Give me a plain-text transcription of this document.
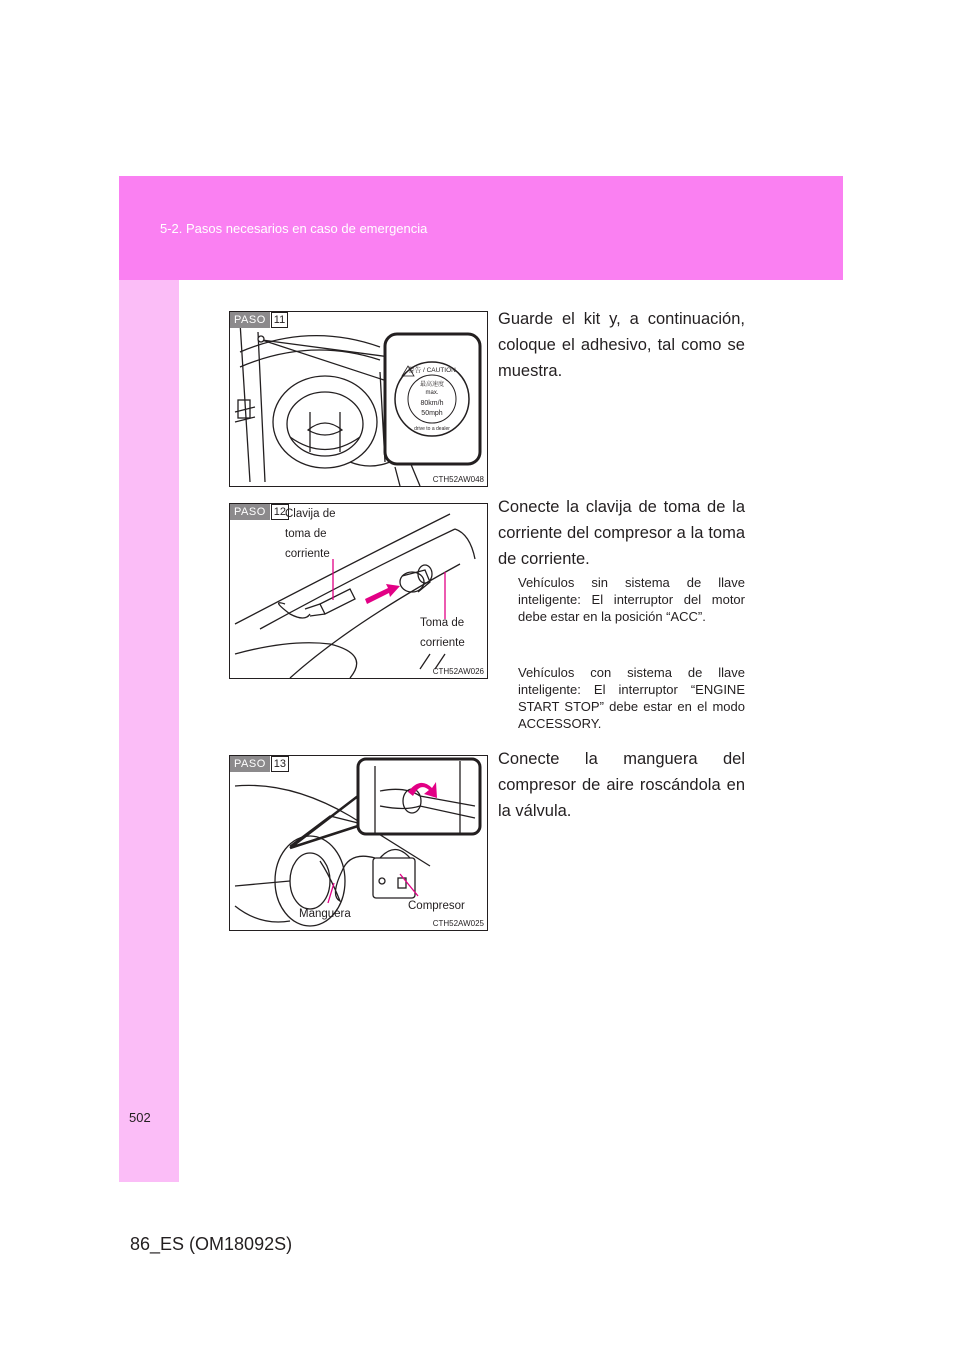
5-2. Pasos necesarios en caso de emergencia
警告 / CAUTION
最高速度
max.
80km/h
50mph
drive to a dealer
PASO 11
CTH52AW048
Guarde el kit y, a continuación, coloque el adhesivo, tal como se muestra.
PASO 12
Clavija de
toma de
corriente
Toma de
corriente
CTH52AW026
Conecte la clavija de toma de la corriente del compresor a la toma de corriente.
Vehículos sin sistema de llave inteligente: El interruptor del motor debe estar en la posición “ACC”.
Vehículos con sistema de llave inteligente: El interruptor “ENGINE START STOP” debe estar en el modo ACCESSORY.
PASO 13
Manguera
Compresor
CTH52AW025
Conecte la manguera del compresor de aire roscándola en la válvula.
502
86_ES (OM18092S)
